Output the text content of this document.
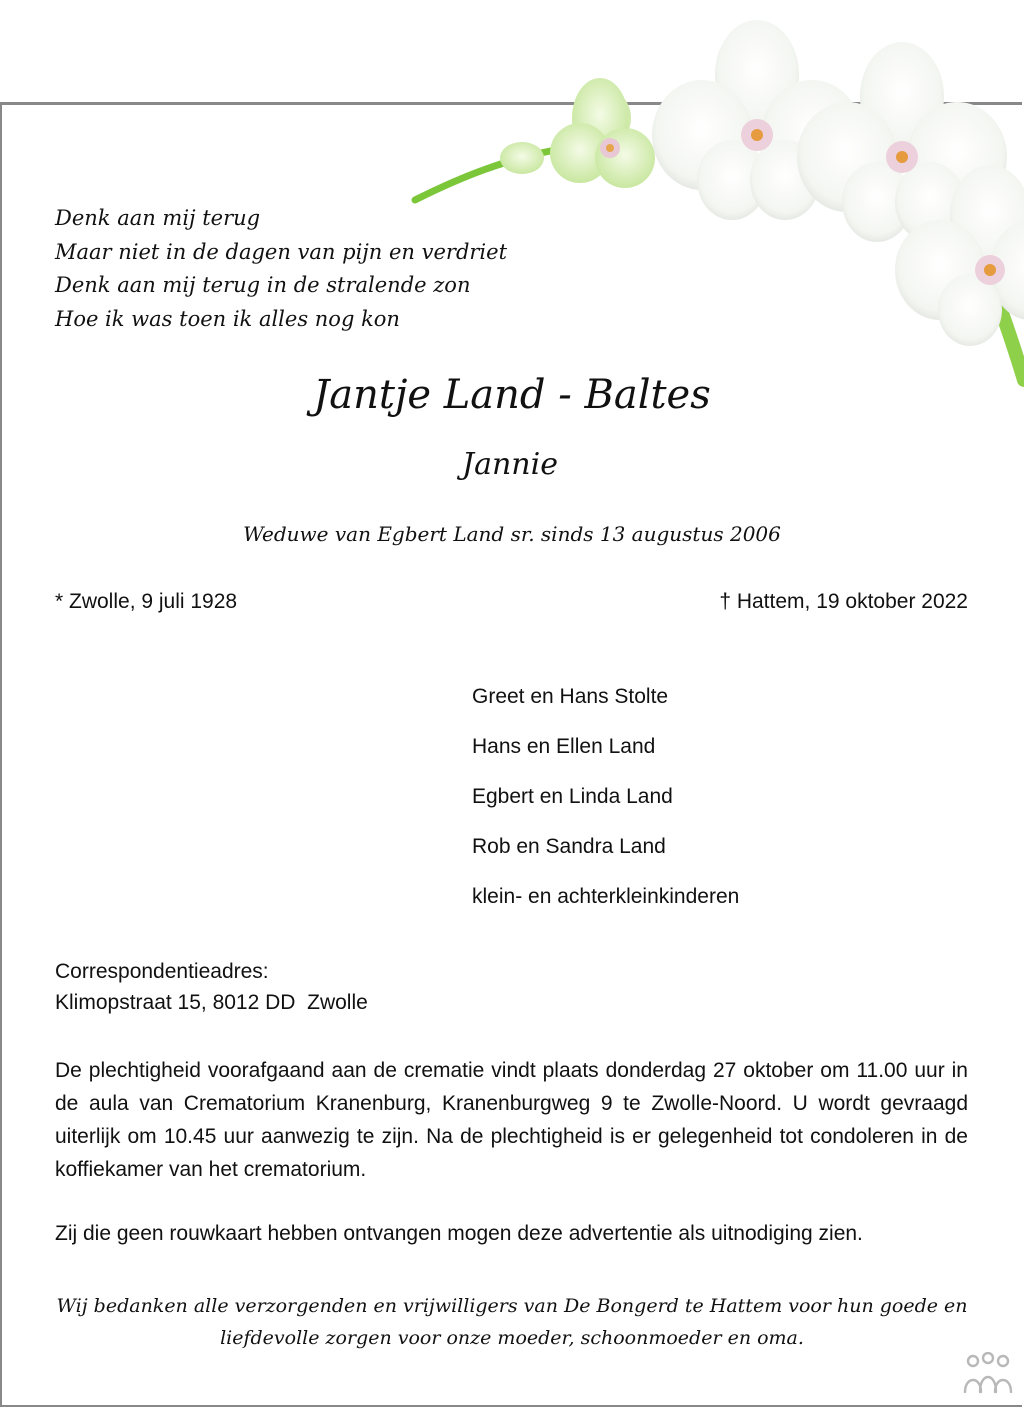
Denk aan mij terug
Maar niet in de dagen van pijn en verdriet
Denk aan mij terug in de stralende zon
Hoe ik was toen ik alles nog kon
Jantje Land - Baltes
Jannie
Weduwe van Egbert Land sr. sinds 13 augustus 2006
* Zwolle, 9 juli 1928	† Hattem, 19 oktober 2022
Greet en Hans Stolte
Hans en Ellen Land
Egbert en Linda Land
Rob en Sandra Land
klein- en achterkleinkinderen
Correspondentieadres:
Klimopstraat 15, 8012 DD  Zwolle
De plechtigheid voorafgaand aan de crematie vindt plaats donderdag 27 oktober om 11.00 uur in de aula van Crematorium Kranenburg, Kranenburgweg 9 te Zwolle-Noord. U wordt gevraagd uiterlijk om 10.45 uur aanwezig te zijn. Na de plechtigheid is er gelegenheid tot condoleren in de koffiekamer van het crematorium.
Zij die geen rouwkaart hebben ontvangen mogen deze advertentie als uitnodiging zien.
Wij bedanken alle verzorgenden en vrijwilligers van De Bongerd te Hattem voor hun goede en
liefdevolle zorgen voor onze moeder, schoonmoeder en oma.
